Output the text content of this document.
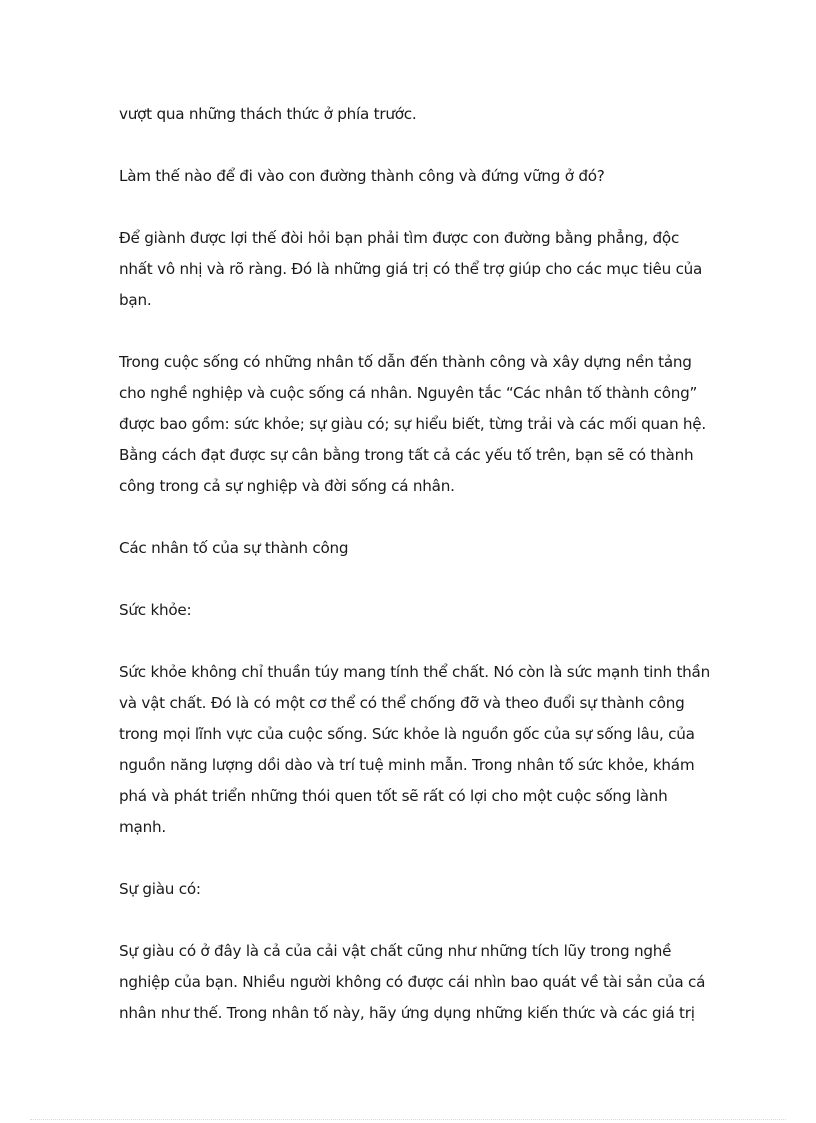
vượt qua những thách thức ở phía trước.

Làm thế nào để đi vào con đường thành công và đứng vững ở đó?

Để giành được lợi thế đòi hỏi bạn phải tìm được con đường bằng phẳng, độc
nhất vô nhị và rõ ràng. Đó là những giá trị có thể trợ giúp cho các mục tiêu của
bạn.

Trong cuộc sống có những nhân tố dẫn đến thành công và xây dựng nền tảng
cho nghề nghiệp và cuộc sống cá nhân. Nguyên tắc “Các nhân tố thành công”
được bao gồm: sức khỏe; sự giàu có; sự hiểu biết, từng trải và các mối quan hệ.
Bằng cách đạt được sự cân bằng trong tất cả các yếu tố trên, bạn sẽ có thành
công trong cả sự nghiệp và đời sống cá nhân.

Các nhân tố của sự thành công

Sức khỏe:

Sức khỏe không chỉ thuần túy mang tính thể chất. Nó còn là sức mạnh tinh thần
và vật chất. Đó là có một cơ thể có thể chống đỡ và theo đuổi sự thành công
trong mọi lĩnh vực của cuộc sống. Sức khỏe là nguồn gốc của sự sống lâu, của
nguồn năng lượng dồi dào và trí tuệ minh mẫn. Trong nhân tố sức khỏe, khám
phá và phát triển những thói quen tốt sẽ rất có lợi cho một cuộc sống lành
mạnh.

Sự giàu có:

Sự giàu có ở đây là cả của cải vật chất cũng như những tích lũy trong nghề
nghiệp của bạn. Nhiều người không có được cái nhìn bao quát về tài sản của cá
nhân như thế. Trong nhân tố này, hãy ứng dụng những kiến thức và các giá trị
